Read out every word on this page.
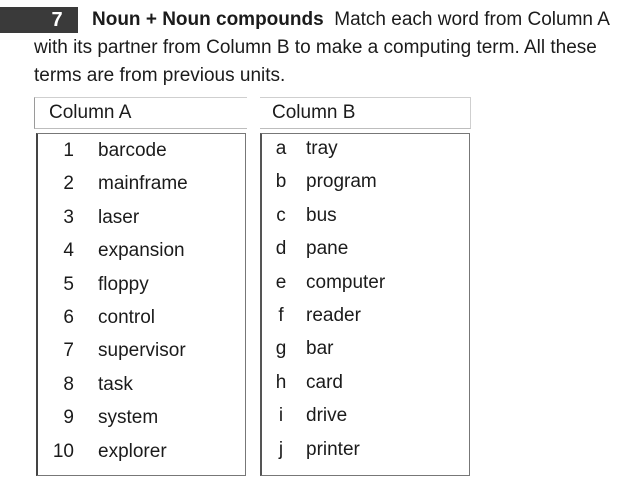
7	Noun + Noun compounds Match each word from Column A
with its partner from Column B to make a computing term. All these
terms are from previous units.
Column A	Column B
1 barcode
2 mainframe
3 laser
4 expansion
5 floppy
6 control
7 supervisor
8 task
9 system
10 explorer
a tray
b program
c bus
d pane
e computer
f reader
g bar
h card
i drive
j printer
